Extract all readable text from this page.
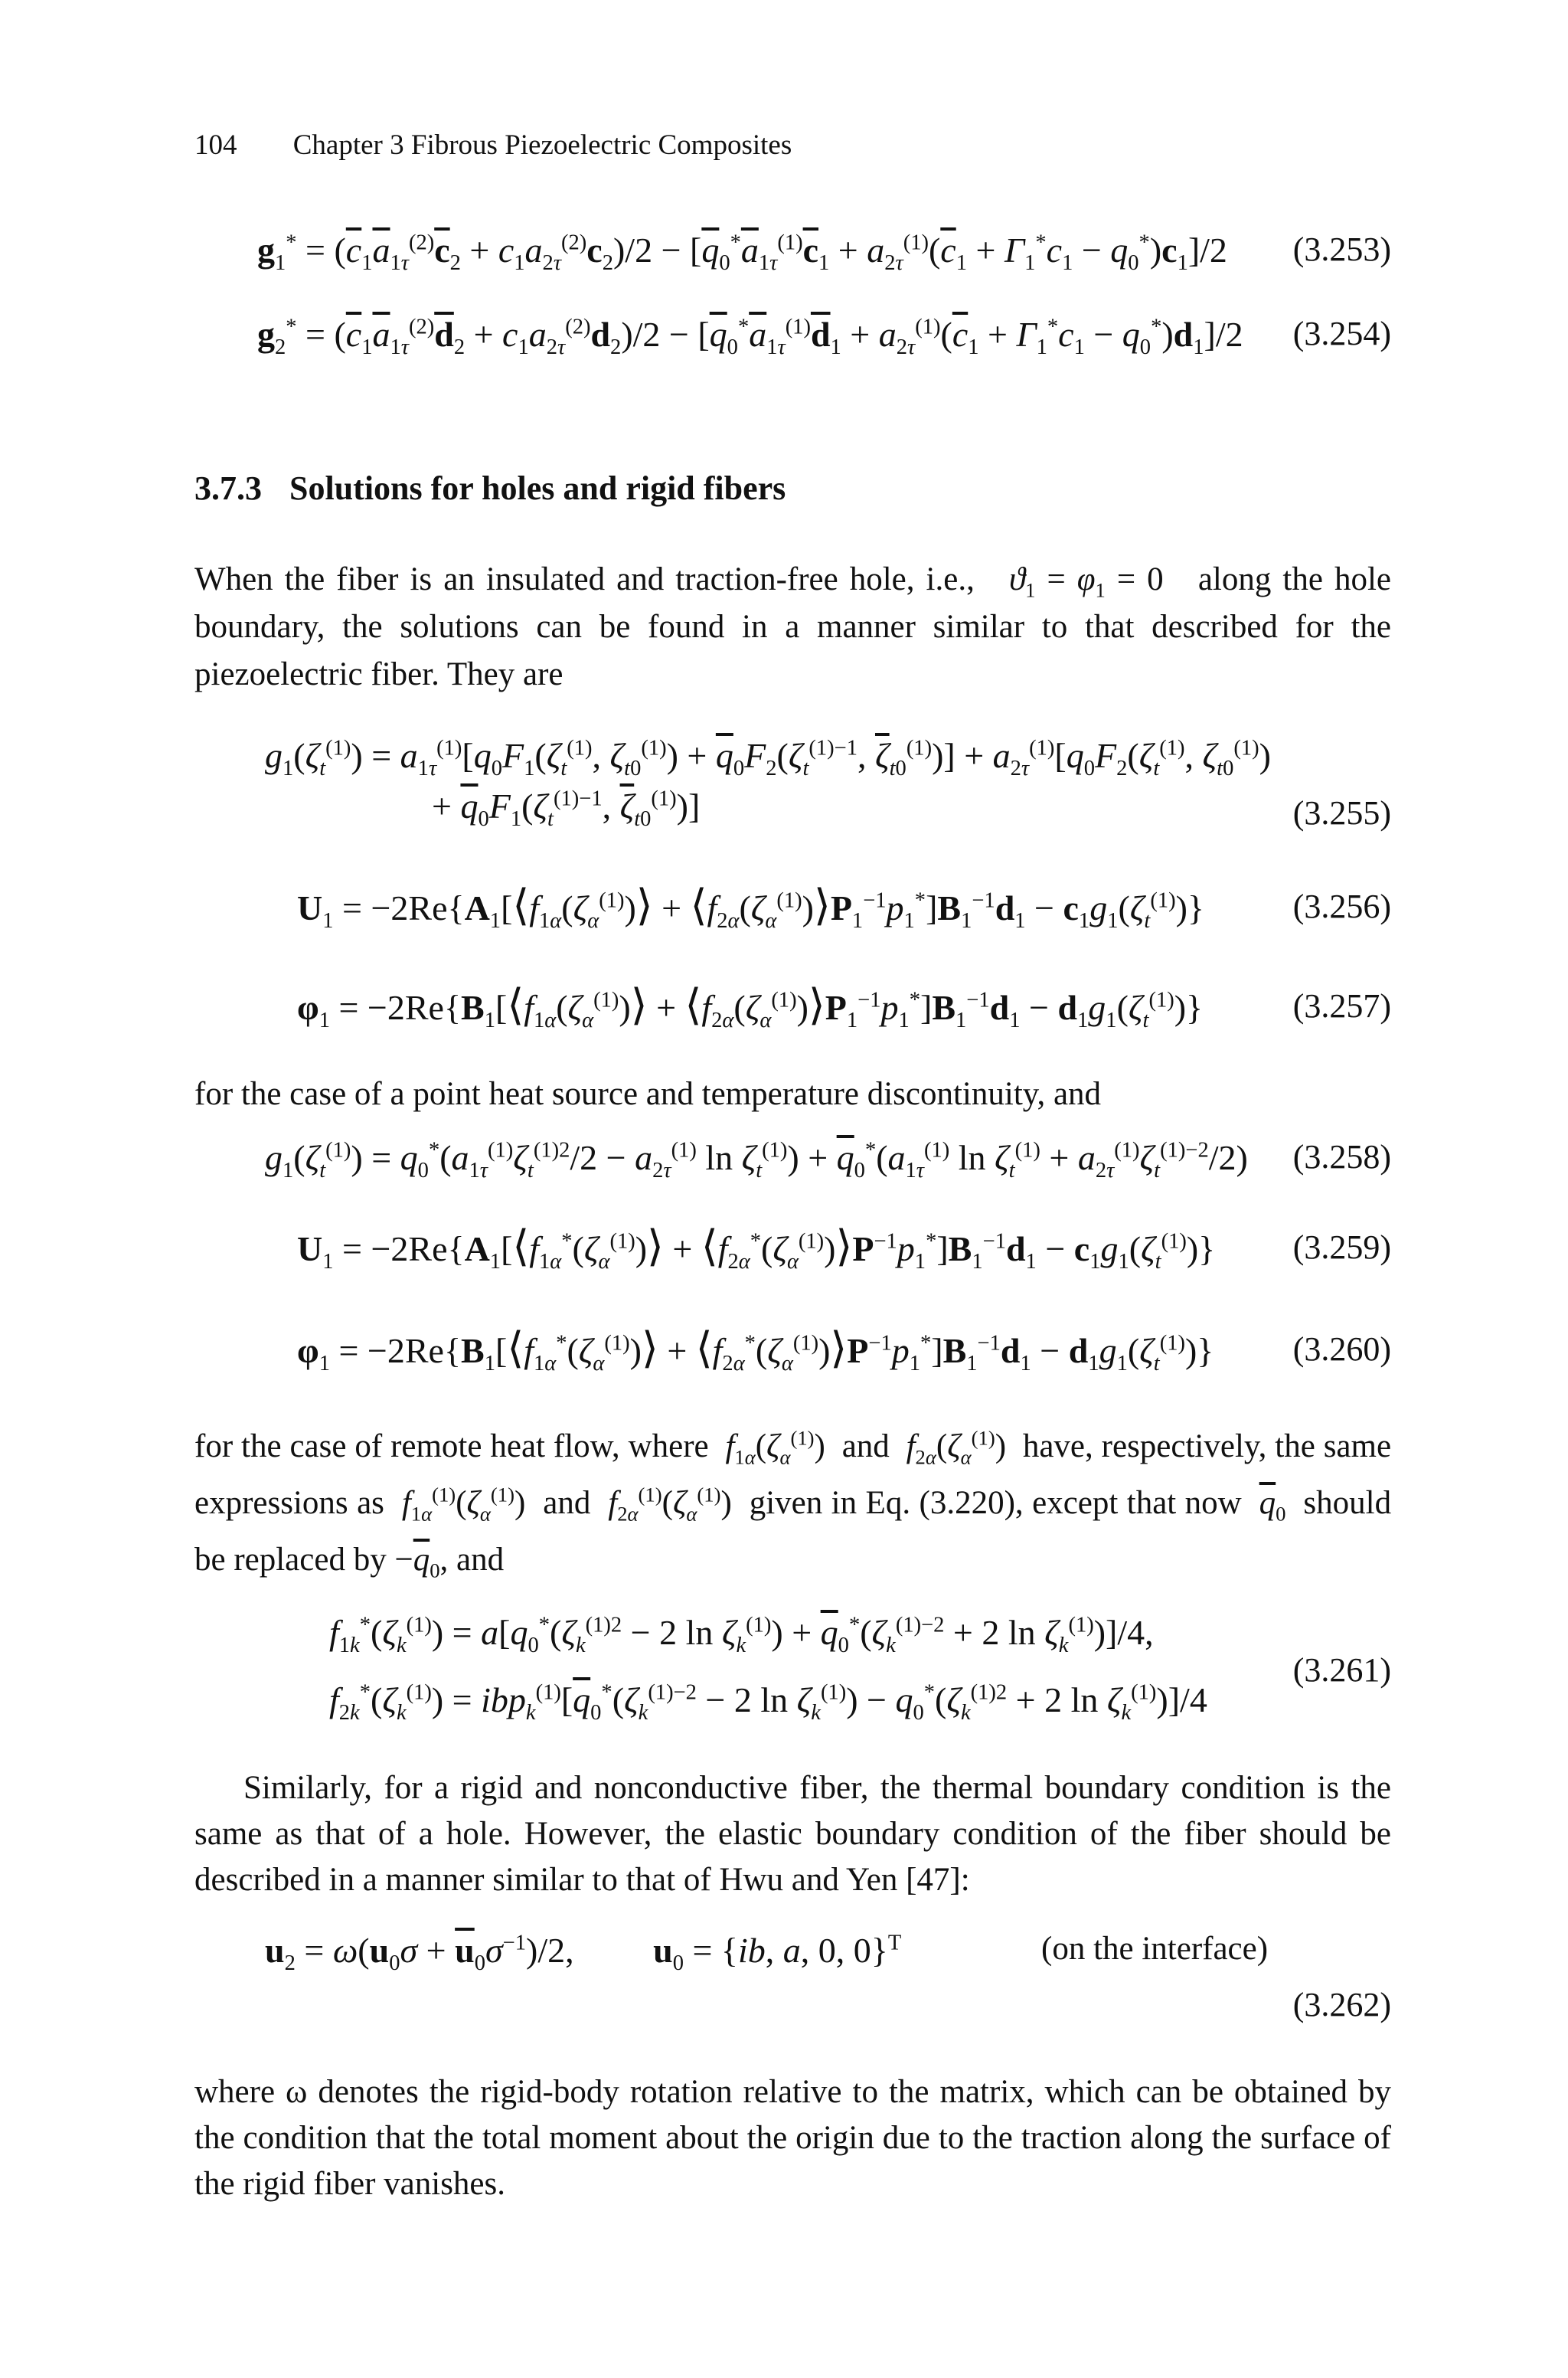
104 Chapter 3 Fibrous Piezoelectric Composites
$g_1^* = (\overline{c}_1\overline{a}_{1\tau}^{(2)}\overline{c}_2 + c_1a_{2\tau}^{(2)}c_2)/2 - [\overline{q}_0^*\overline{a}_{1\tau}^{(1)}\overline{c}_1 + a_{2\tau}^{(1)}(\overline{c}_1 + \Gamma_1^*c_1 - q_0^*)c_1]/2$ (3.253)
$g_2^* = (\overline{c}_1\overline{a}_{1\tau}^{(2)}\overline{d}_2 + c_1a_{2\tau}^{(2)}d_2)/2 - [\overline{q}_0^*\overline{a}_{1\tau}^{(1)}\overline{d}_1 + a_{2\tau}^{(1)}(\overline{c}_1 + \Gamma_1^*c_1 - q_0^*)d_1]/2$ (3.254)
3.7.3 Solutions for holes and rigid fibers
When the fiber is an insulated and traction-free hole, i.e., $ϑ_1 = \varphi_1 = 0$   along the hole boundary, the solutions can be found in a manner similar to that described for the piezoelectric fiber. They are
$g_1(\zeta_t^{(1)}) = a_{1\tau}^{(1)}[q_0F_1(\zeta_t^{(1)}$, $\zeta_{t0}^{(1)}) + \overline{q}_0F_2(\zeta_t^{(1)-1}$, $\overline{\zeta}_{t0}^{(1)})] + a_{2\tau}^{(1)}[q_0F_2(\zeta_t^{(1)}$, $\zeta_{t0}^{(1)}$)
+ $\overline{q}_0F_1(\zeta_t^{(1)-1}$, $\overline{\zeta}_{t0}^{(1)}$)]	(3.255)
$U_1$ = $-2Re\{A_1[⟨f_{1\alpha}(\zeta_\alpha^{(1)})⟩$ + $⟨f_{2\alpha}(\zeta_\alpha^{(1)})⟩P_1^{-1}p_1^*]B_1^{-1}d_1 - c_1g_1(\zeta_t^{(1)})$}	(3.256)
$\varphi_1$ = $-2Re\{B_1[⟨f_{1\alpha}(\zeta_\alpha^{(1)})⟩$ + $⟨f_{2\alpha}(\zeta_\alpha^{(1)})⟩P_1^{-1}p_1^*]B_1^{-1}d_1 - d_1g_1(\zeta_t^{(1)})$}	(3.257)
for the case of a point heat source and temperature discontinuity, and
$g_1(\zeta_t^{(1)}) = q_0^*(a_{1\tau}^{(1)}\zeta_t^{(1)2}/2 - a_{2\tau}^{(1)}$ $\ln \zeta_t^{(1)}) + \overline{q}_0^*(a_{1\tau}^{(1)}$ $\ln \zeta_t^{(1)} + a_{2\tau}^{(1)}\zeta_t^{(1)-2}/2$) (3.258)
$U_1$ = $-2Re\{A_1[⟨f_{1\alpha}^*(\zeta_\alpha^{(1)})⟩$ + $⟨f_{2\alpha}^*(\zeta_\alpha^{(1)})⟩P^{-1}p_1^*]B_1^{-1}d_1 - c_1g_1(\zeta_t^{(1)})$} (3.259)
$\varphi_1$ = $-2Re\{B_1[⟨f_{1\alpha}^*(\zeta_\alpha^{(1)})⟩$ + $⟨f_{2\alpha}^*(\zeta_\alpha^{(1)})⟩P^{-1}p_1^*]B_1^{-1}d_1 - d_1g_1(\zeta_t^{(1)})$} (3.260)
for the case of remote heat flow, where $f_{1\alpha}(\zeta_\alpha^{(1)})$  and $f_{2\alpha}(\zeta_\alpha^{(1)})$  have, respectively, the same expressions as $f_{1\alpha}^{(1)}(\zeta_\alpha^{(1)})$  and $f_{2\alpha}^{(1)}(\zeta_\alpha^{(1)})$  given in Eq. (3.220), except that now $\overline{q}_0$ should be replaced by $-\overline{q}_0$, and
$f_{1k}^*(\zeta_k^{(1)}) = a[q_0^*(\zeta_k^{(1)2} - 2$ $\ln \zeta_k^{(1)}) + \overline{q}_0^*(\zeta_k^{(1)-2} + 2$ $\ln \zeta_k^{(1)})]/4$,
$f_{2k}^*(\zeta_k^{(1)}) = ibp_k^{(1)}[\overline{q}_0^*(\zeta_k^{(1)-2} - 2$ $\ln \zeta_k^{(1)}) - q_0^*(\zeta_k^{(1)2} + 2$ $\ln \zeta_k^{(1)})]/4$
(3.261)
Similarly, for a rigid and nonconductive fiber, the thermal boundary condition is the same as that of a hole. However, the elastic boundary condition of the fiber should be described in a manner similar to that of Hwu and Yen [47]:
$u_2 = \omega(u_0\sigma + \overline{u}_0\sigma^{-1})/2$,         $u_0 = \{ib$, a, 0, 0}$^T$	(on the interface)
(3.262)
where ω denotes the rigid-body rotation relative to the matrix, which can be obtained by the condition that the total moment about the origin due to the traction along the surface of the rigid fiber vanishes.
